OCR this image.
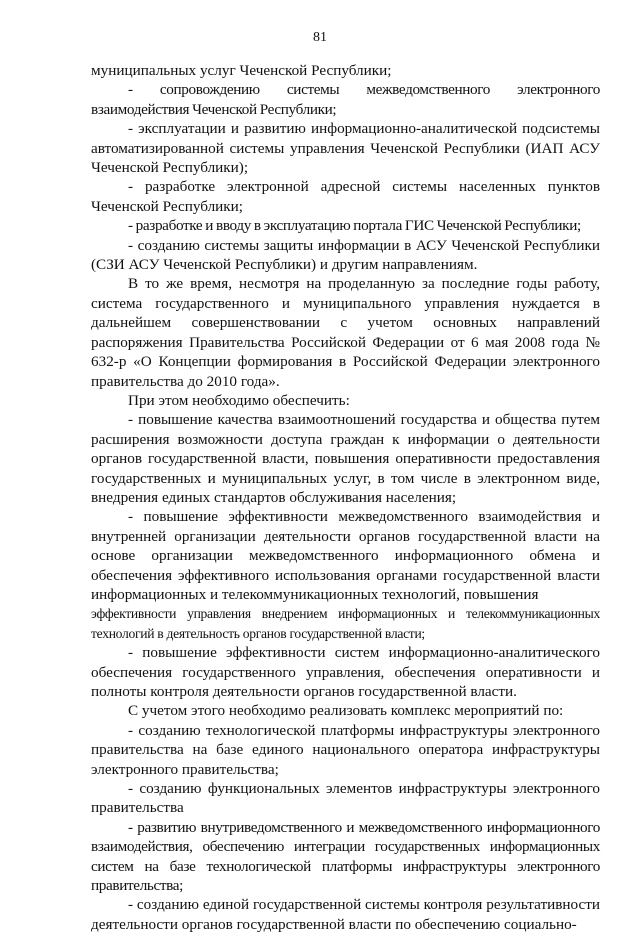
81

муниципальных услуг Чеченской Республики;

- сопровождению системы межведомственного электронного взаимодействия Чеченской Республики;

- эксплуатации и развитию информационно-аналитической подсистемы автоматизированной системы управления Чеченской Республики (ИАП АСУ Чеченской Республики);

- разработке электронной адресной системы населенных пунктов Чеченской Республики;

- разработке и вводу в эксплуатацию портала ГИС Чеченской Республики;

- созданию системы защиты информации в АСУ Чеченской Республики (СЗИ АСУ Чеченской Республики) и другим направлениям.

В то же время, несмотря на проделанную за последние годы работу, система государственного и муниципального управления нуждается в дальнейшем совершенствовании с учетом основных направлений распоряжения Правительства Российской Федерации от 6 мая 2008 года № 632-р «О Концепции формирования в Российской Федерации электронного правительства до 2010 года».

При этом необходимо обеспечить:

- повышение качества взаимоотношений государства и общества путем расширения возможности доступа граждан к информации о деятельности органов государственной власти, повышения оперативности предоставления государственных и муниципальных услуг, в том числе в электронном виде, внедрения единых стандартов обслуживания населения;

- повышение эффективности межведомственного взаимодействия и внутренней организации деятельности органов государственной власти на основе организации межведомственного информационного обмена и обеспечения эффективного использования органами государственной власти информационных и телекоммуникационных технологий, повышения

эффективности управления внедрением информационных и телекоммуникационных технологий в деятельность органов государственной власти;

- повышение эффективности систем информационно-аналитического обеспечения государственного управления, обеспечения оперативности и полноты контроля деятельности органов государственной власти.

С учетом этого необходимо реализовать комплекс мероприятий по:

- созданию технологической платформы инфраструктуры электронного правительства на базе единого национального оператора инфраструктуры электронного правительства;

- созданию функциональных элементов инфраструктуры электронного правительства

- развитию внутриведомственного и межведомственного информационного взаимодействия, обеспечению интеграции государственных информационных систем на базе технологической платформы инфраструктуры электронного правительства;

- созданию единой государственной системы контроля результативности деятельности органов государственной власти по обеспечению социально-
